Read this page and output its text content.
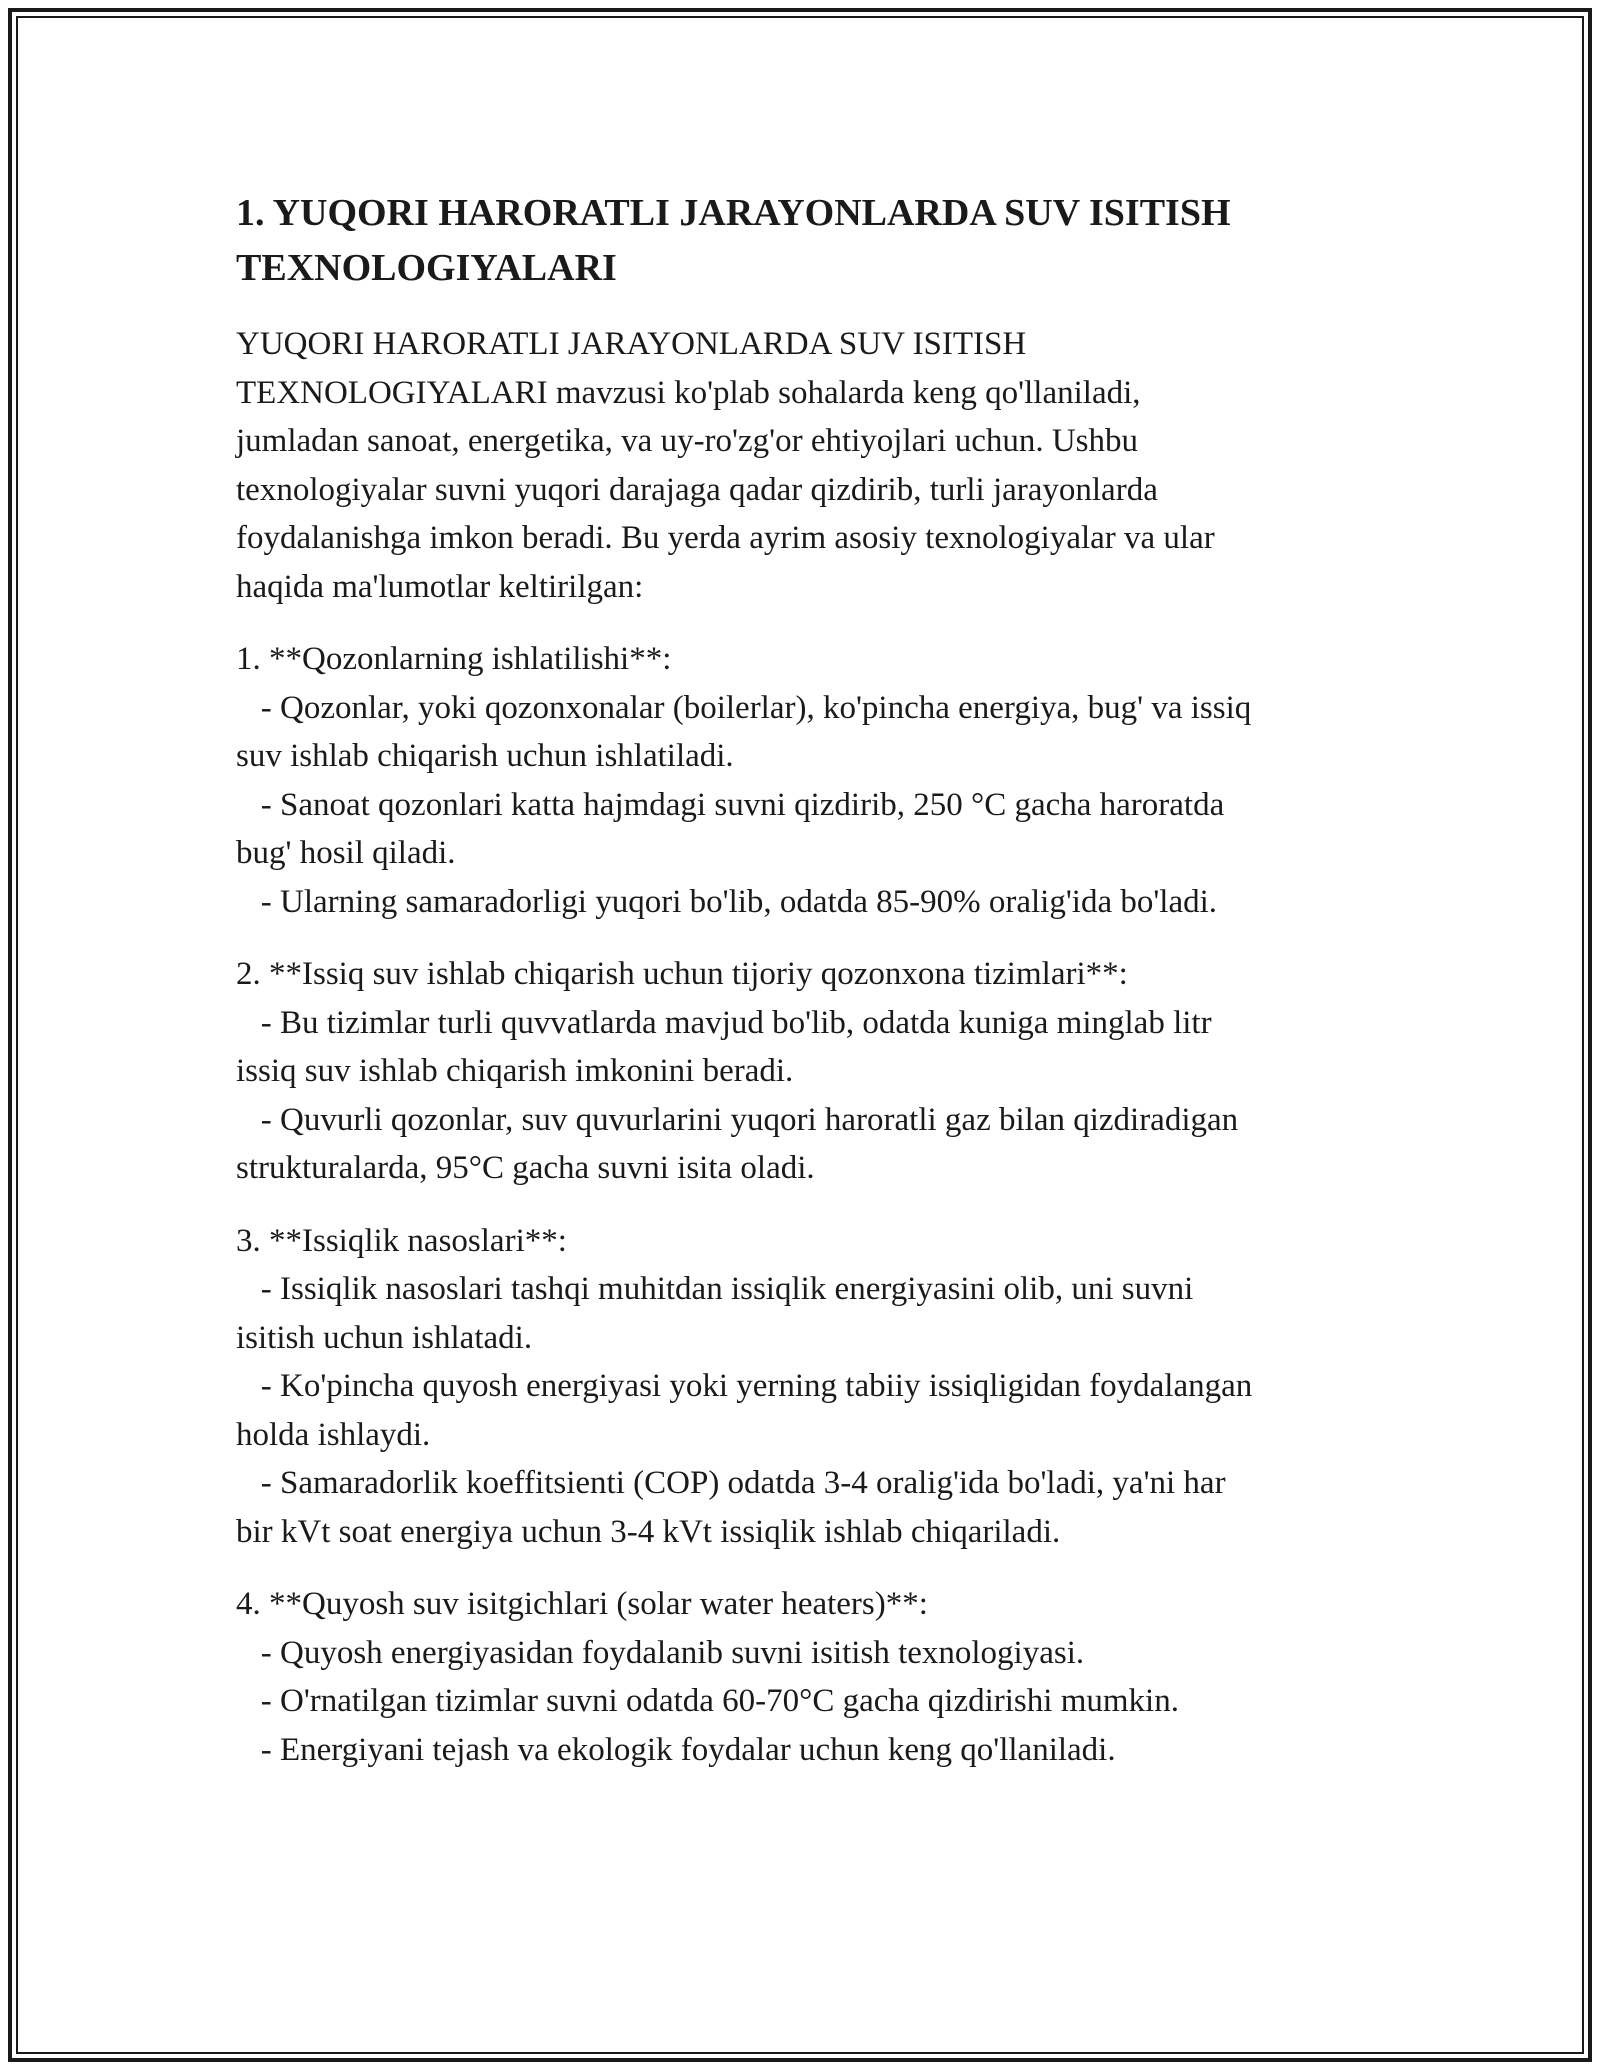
1. YUQORI HARORATLI JARAYONLARDA SUV ISITISH TEXNOLOGIYALARI

YUQORI HARORATLI JARAYONLARDA SUV ISITISH
TEXNOLOGIYALARI mavzusi ko'plab sohalarda keng qo'llaniladi,
jumladan sanoat, energetika, va uy-ro'zg'or ehtiyojlari uchun. Ushbu
texnologiyalar suvni yuqori darajaga qadar qizdirib, turli jarayonlarda
foydalanishga imkon beradi. Bu yerda ayrim asosiy texnologiyalar va ular
haqida ma'lumotlar keltirilgan:

1. **Qozonlarning ishlatilishi**:
- Qozonlar, yoki qozonxonalar (boilerlar), ko'pincha energiya, bug' va issiq
suv ishlab chiqarish uchun ishlatiladi.
- Sanoat qozonlari katta hajmdagi suvni qizdirib, 250 °C gacha haroratda
bug' hosil qiladi.
- Ularning samaradorligi yuqori bo'lib, odatda 85-90% oralig'ida bo'ladi.

2. **Issiq suv ishlab chiqarish uchun tijoriy qozonxona tizimlari**:
- Bu tizimlar turli quvvatlarda mavjud bo'lib, odatda kuniga minglab litr
issiq suv ishlab chiqarish imkonini beradi.
- Quvurli qozonlar, suv quvurlarini yuqori haroratli gaz bilan qizdiradigan
strukturalarda, 95°C gacha suvni isita oladi.

3. **Issiqlik nasoslari**:
- Issiqlik nasoslari tashqi muhitdan issiqlik energiyasini olib, uni suvni
isitish uchun ishlatadi.
- Ko'pincha quyosh energiyasi yoki yerning tabiiy issiqligidan foydalangan
holda ishlaydi.
- Samaradorlik koeffitsienti (COP) odatda 3-4 oralig'ida bo'ladi, ya'ni har
bir kVt soat energiya uchun 3-4 kVt issiqlik ishlab chiqariladi.

4. **Quyosh suv isitgichlari (solar water heaters)**:
- Quyosh energiyasidan foydalanib suvni isitish texnologiyasi.
- O'rnatilgan tizimlar suvni odatda 60-70°C gacha qizdirishi mumkin.
- Energiyani tejash va ekologik foydalar uchun keng qo'llaniladi.
